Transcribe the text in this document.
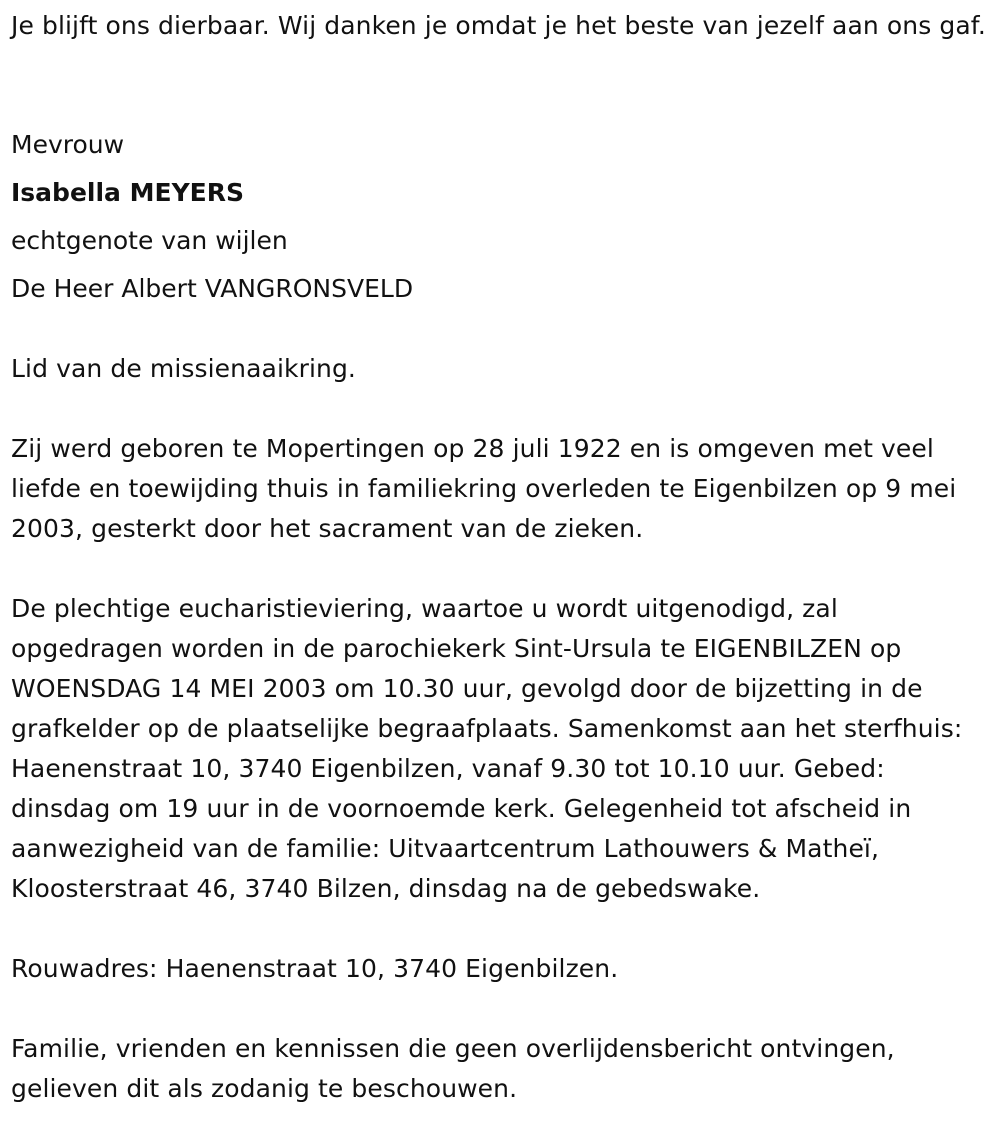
Je blijft ons dierbaar. Wij danken je omdat je het beste van jezelf aan ons gaf.

Mevrouw

Isabella MEYERS

echtgenote van wijlen

De Heer Albert VANGRONSVELD

Lid van de missienaaikring.

Zij werd geboren te Mopertingen op 28 juli 1922 en is omgeven met veel liefde en toewijding thuis in familiekring overleden te Eigenbilzen op 9 mei 2003, gesterkt door het sacrament van de zieken.

De plechtige eucharistieviering, waartoe u wordt uitgenodigd, zal opgedragen worden in de parochiekerk Sint-Ursula te EIGENBILZEN op WOENSDAG 14 MEI 2003 om 10.30 uur, gevolgd door de bijzetting in de grafkelder op de plaatselijke begraafplaats. Samenkomst aan het sterfhuis: Haenenstraat 10, 3740 Eigenbilzen, vanaf 9.30 tot 10.10 uur. Gebed: dinsdag om 19 uur in de voornoemde kerk. Gelegenheid tot afscheid in aanwezigheid van de familie: Uitvaartcentrum Lathouwers & Matheï, Kloosterstraat 46, 3740 Bilzen, dinsdag na de gebedswake.

Rouwadres: Haenenstraat 10, 3740 Eigenbilzen.

Familie, vrienden en kennissen die geen overlijdensbericht ontvingen, gelieven dit als zodanig te beschouwen.
